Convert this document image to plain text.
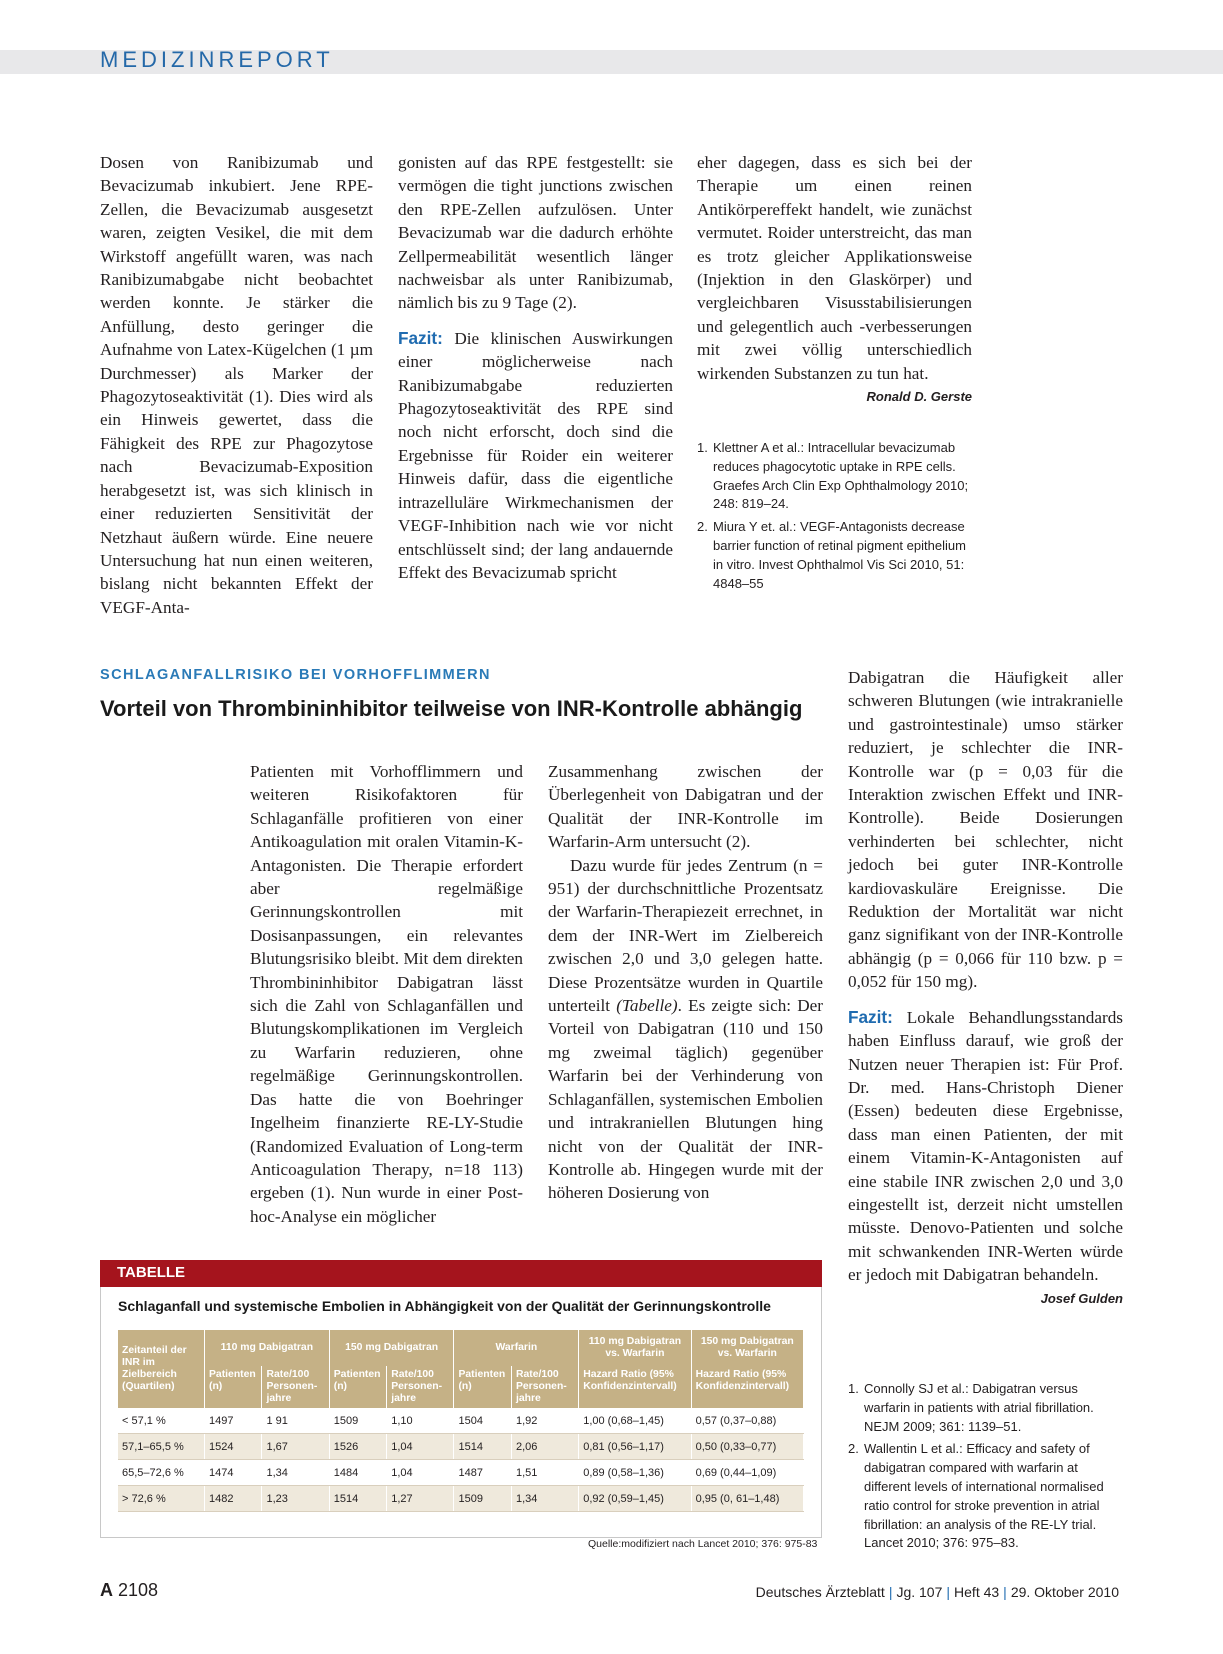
MEDIZINREPORT

Dosen von Ranibizumab und Bevacizumab inkubiert. Jene RPE-Zellen, die Bevacizumab ausgesetzt waren, zeigten Vesikel, die mit dem Wirkstoff angefüllt waren, was nach Ranibizumabgabe nicht beobachtet werden konnte. Je stärker die Anfüllung, desto geringer die Aufnahme von Latex-Kügelchen (1 µm Durchmesser) als Marker der Phagozytoseaktivität (1). Dies wird als ein Hinweis gewertet, dass die Fähigkeit des RPE zur Phagozytose nach Bevacizumab-Exposition herabgesetzt ist, was sich klinisch in einer reduzierten Sensitivität der Netzhaut äußern würde. Eine neuere Untersuchung hat nun einen weiteren, bislang nicht bekannten Effekt der VEGF-Anta-

gonisten auf das RPE festgestellt: sie vermögen die tight junctions zwischen den RPE-Zellen aufzulösen. Unter Bevacizumab war die dadurch erhöhte Zellpermeabilität wesentlich länger nachweisbar als unter Ranibizumab, nämlich bis zu 9 Tage (2).

Fazit: Die klinischen Auswirkungen einer möglicherweise nach Ranibizumabgabe reduzierten Phagozytoseaktivität des RPE sind noch nicht erforscht, doch sind die Ergebnisse für Roider ein weiterer Hinweis dafür, dass die eigentliche intrazelluläre Wirkmechanismen der VEGF-Inhibition nach wie vor nicht entschlüsselt sind; der lang andauernde Effekt des Bevacizumab spricht

eher dagegen, dass es sich bei der Therapie um einen reinen Antikörpereffekt handelt, wie zunächst vermutet. Roider unterstreicht, das man es trotz gleicher Applikationsweise (Injektion in den Glaskörper) und vergleichbaren Visusstabilisierungen und gelegentlich auch -verbesserungen mit zwei völlig unterschiedlich wirkenden Substanzen zu tun hat.
Ronald D. Gerste

1. Klettner A et al.: Intracellular bevacizumab reduces phagocytotic uptake in RPE cells. Graefes Arch Clin Exp Ophthalmology 2010; 248: 819–24.
2. Miura Y et. al.: VEGF-Antagonists decrease barrier function of retinal pigment epithelium in vitro. Invest Ophthalmol Vis Sci 2010, 51: 4848–55
SCHLAGANFALLRISIKO BEI VORHOFFLIMMERN
Vorteil von Thrombininhibitor teilweise von INR-Kontrolle abhängig

Patienten mit Vorhofflimmern und weiteren Risikofaktoren für Schlaganfälle profitieren von einer Antikoagulation mit oralen Vitamin-K-Antagonisten. Die Therapie erfordert aber regelmäßige Gerinnungskontrollen mit Dosisanpassungen, ein relevantes Blutungsrisiko bleibt. Mit dem direkten Thrombininhibitor Dabigatran lässt sich die Zahl von Schlaganfällen und Blutungskomplikationen im Vergleich zu Warfarin reduzieren, ohne regelmäßige Gerinnungskontrollen. Das hatte die von Boehringer Ingelheim finanzierte RE-LY-Studie (Randomized Evaluation of Long-term Anticoagulation Therapy, n=18 113) ergeben (1). Nun wurde in einer Post-hoc-Analyse ein möglicher

Zusammenhang zwischen der Überlegenheit von Dabigatran und der Qualität der INR-Kontrolle im Warfarin-Arm untersucht (2).

Dazu wurde für jedes Zentrum (n = 951) der durchschnittliche Prozentsatz der Warfarin-Therapiezeit errechnet, in dem der INR-Wert im Zielbereich zwischen 2,0 und 3,0 gelegen hatte. Diese Prozentsätze wurden in Quartile unterteilt (Tabelle). Es zeigte sich: Der Vorteil von Dabigatran (110 und 150 mg zweimal täglich) gegenüber Warfarin bei der Verhinderung von Schlaganfällen, systemischen Embolien und intrakraniellen Blutungen hing nicht von der Qualität der INR-Kontrolle ab. Hingegen wurde mit der höheren Dosierung von

Dabigatran die Häufigkeit aller schweren Blutungen (wie intrakranielle und gastrointestinale) umso stärker reduziert, je schlechter die INR-Kontrolle war (p = 0,03 für die Interaktion zwischen Effekt und INR-Kontrolle). Beide Dosierungen verhinderten bei schlechter, nicht jedoch bei guter INR-Kontrolle kardiovaskuläre Ereignisse. Die Reduktion der Mortalität war nicht ganz signifikant von der INR-Kontrolle abhängig (p = 0,066 für 110 bzw. p = 0,052 für 150 mg).

Fazit: Lokale Behandlungsstandards haben Einfluss darauf, wie groß der Nutzen neuer Therapien ist: Für Prof. Dr. med. Hans-Christoph Diener (Essen) bedeuten diese Ergebnisse, dass man einen Patienten, der mit einem Vitamin-K-Antagonisten auf eine stabile INR zwischen 2,0 und 3,0 eingestellt ist, derzeit nicht umstellen müsste. Denovo-Patienten und solche mit schwankenden INR-Werten würde er jedoch mit Dabigatran behandeln.
Josef Gulden

1. Connolly SJ et al.: Dabigatran versus warfarin in patients with atrial fibrillation. NEJM 2009; 361: 1139–51.
2. Wallentin L et al.: Efficacy and safety of dabigatran compared with warfarin at different levels of international normalised ratio control for stroke prevention in atrial fibrillation: an analysis of the RE-LY trial. Lancet 2010; 376: 975–83.
TABELLE
Schlaganfall und systemische Embolien in Abhängigkeit von der Qualität der Gerinnungskontrolle
Zeitanteil der INR im Zielbereich (Quartilen)	110 mg Dabigatran		150 mg Dabigatran		Warfarin		110 mg Dabigatran vs. Warfarin	150 mg Dabigatran vs. Warfarin
	Patienten (n)	Rate/100 Personen-jahre	Patienten (n)	Rate/100 Personen-jahre	Patienten (n)	Rate/100 Personen-jahre	Hazard Ratio (95% Konfidenzintervall)	Hazard Ratio (95% Konfidenzintervall)
< 57,1 %	1497	1 91	1509	1,10	1504	1,92	1,00 (0,68–1,45)	0,57 (0,37–0,88)
57,1–65,5 %	1524	1,67	1526	1,04	1514	2,06	0,81 (0,56–1,17)	0,50 (0,33–0,77)
65,5–72,6 %	1474	1,34	1484	1,04	1487	1,51	0,89 (0,58–1,36)	0,69 (0,44–1,09)
> 72,6 %	1482	1,23	1514	1,27	1509	1,34	0,92 (0,59–1,45)	0,95 (0, 61–1,48)
Quelle:modifiziert nach Lancet 2010; 376: 975-83
A 2108	Deutsches Ärzteblatt | Jg. 107 | Heft 43 | 29. Oktober 2010
